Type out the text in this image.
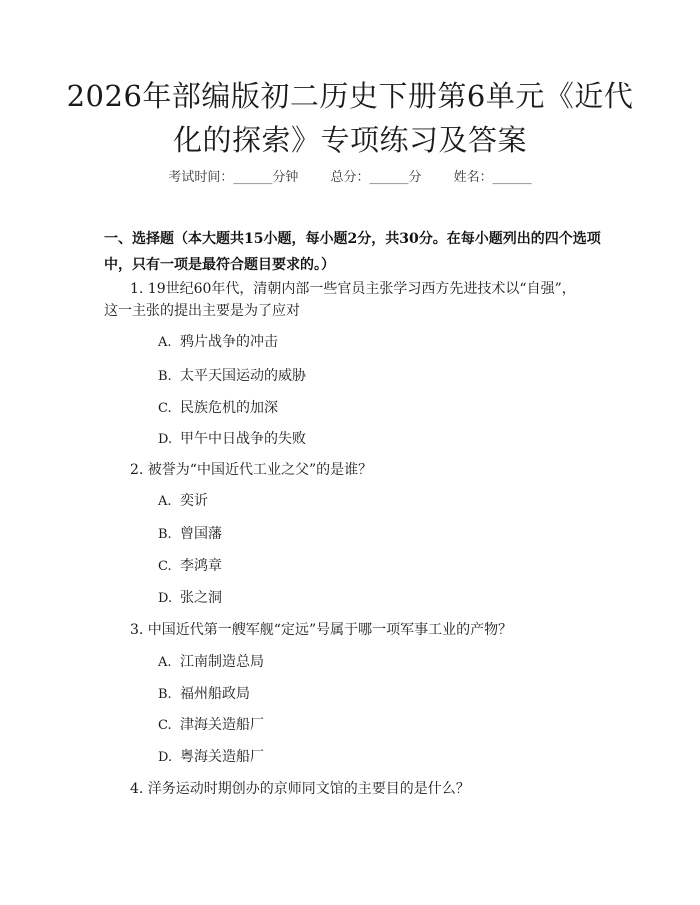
2026年部编版初二历史下册第6单元《近代
化的探索》专项练习及答案
考试时间：______分钟 总分：______分 姓名：______
一、选择题（本大题共15小题，每小题2分，共30分。在每小题列出的四个选项中，只有一项是最符合题目要求的。）
1. 19世纪60年代，清朝内部一些官员主张学习西方先进技术以“自强”，
这一主张的提出主要是为了应对
A. 鸦片战争的冲击
B. 太平天国运动的威胁
C. 民族危机的加深
D. 甲午中日战争的失败
2. 被誉为“中国近代工业之父”的是谁？
A. 奕䜣
B. 曾国藩
C. 李鸿章
D. 张之洞
3. 中国近代第一艘军舰“定远”号属于哪一项军事工业的产物？
A. 江南制造总局
B. 福州船政局
C. 津海关造船厂
D. 粤海关造船厂
4. 洋务运动时期创办的京师同文馆的主要目的是什么？
